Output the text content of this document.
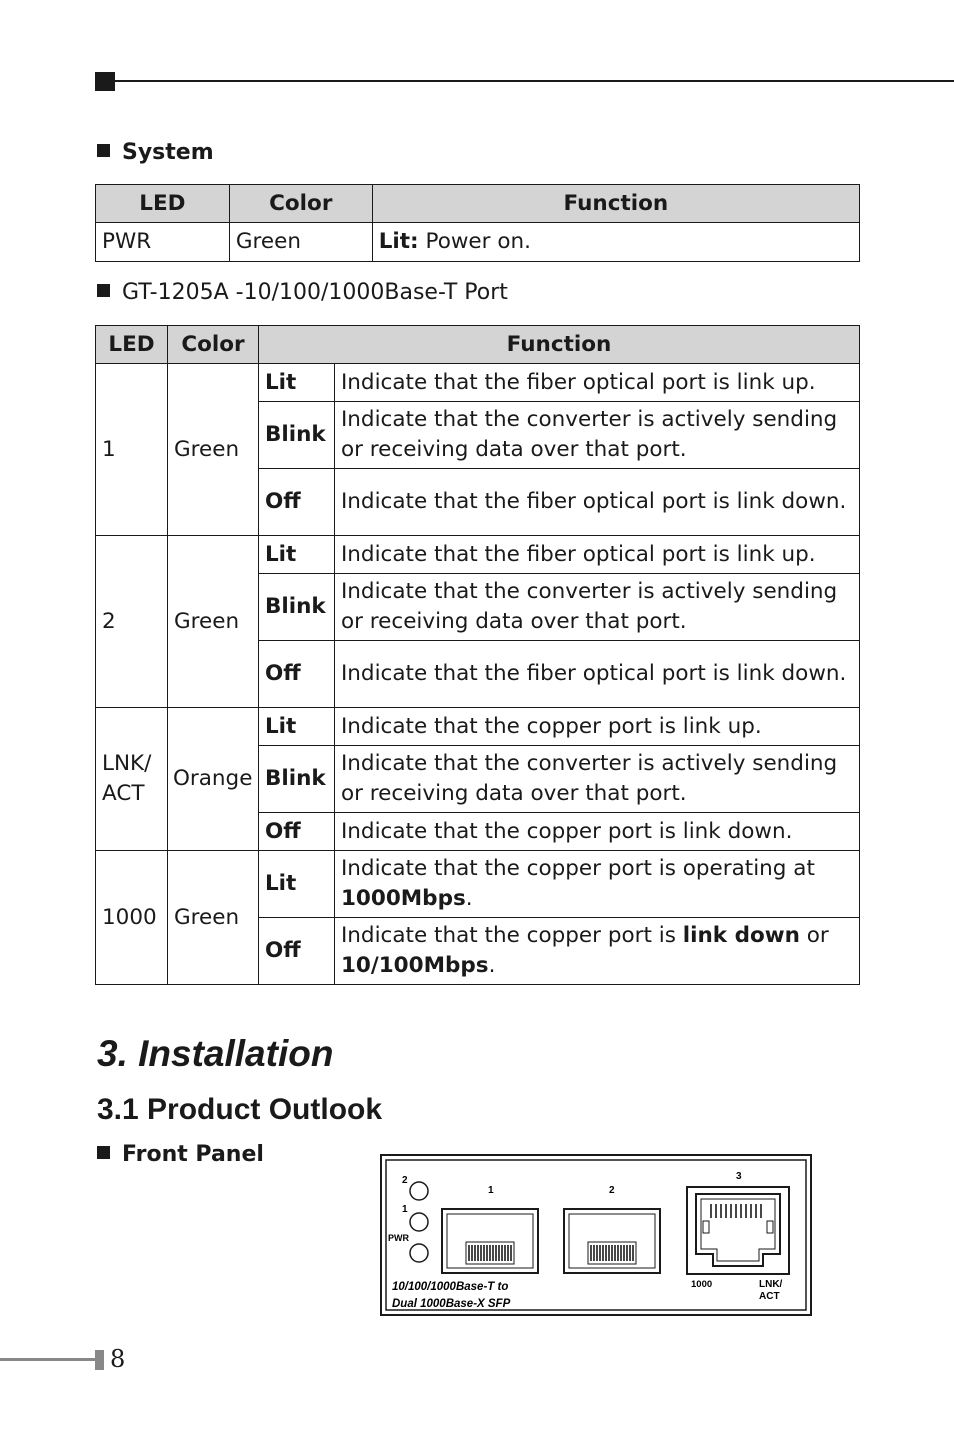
System
LED	Color	Function
PWR	Green	Lit: Power on.
GT-1205A -10/100/1000Base-T Port
LED	Color	Function	
1	Green	Lit	Indicate that the fiber optical port is link up.
		Blink	Indicate that the converter is actively sending or receiving data over that port.
		Off	Indicate that the fiber optical port is link down.
2	Green	Lit	Indicate that the fiber optical port is link up.
		Blink	Indicate that the converter is actively sending or receiving data over that port.
		Off	Indicate that the fiber optical port is link down.
LNK/ ACT	Orange	Lit	Indicate that the copper port is link up.
		Blink	Indicate that the converter is actively sending or receiving data over that port.
		Off	Indicate that the copper port is link down.
1000	Green	Lit	Indicate that the copper port is operating at 1000Mbps.
		Off	Indicate that the copper port is link down or 10/100Mbps.
3. Installation
3.1 Product Outlook
Front Panel
2
1
PWR
1	2
3
1000	LNK/
ACT
10/100/1000Base-T to
Dual 1000Base-X SFP
8
